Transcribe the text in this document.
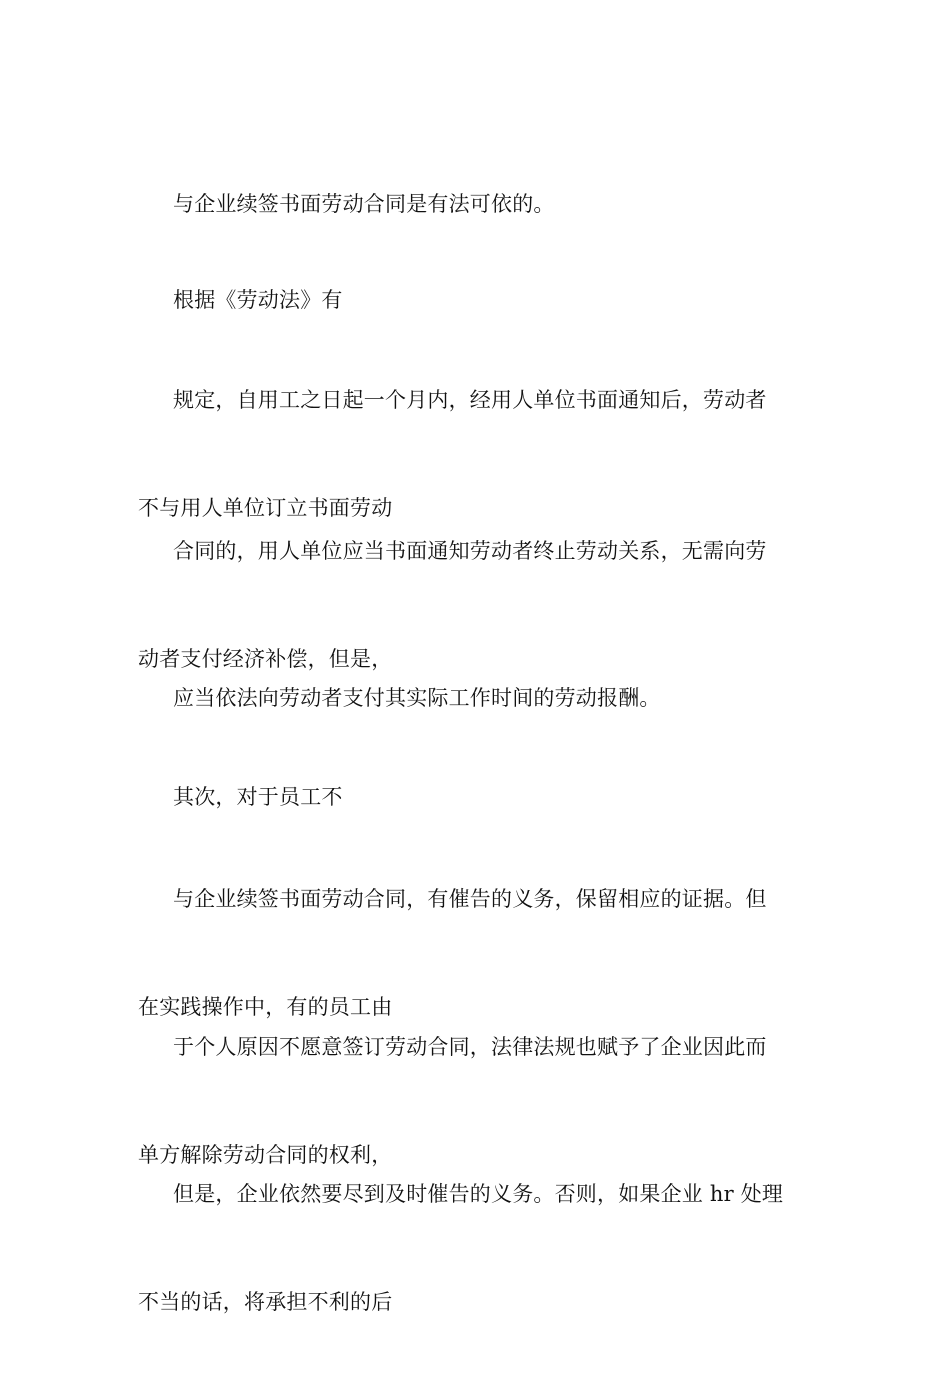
与企业续签书面劳动合同是有法可依的。

根据《劳动法》有

规定，自用工之日起一个月内，经用人单位书面通知后，劳动者

不与用人单位订立书面劳动

合同的，用人单位应当书面通知劳动者终止劳动关系，无需向劳

动者支付经济补偿，但是，

应当依法向劳动者支付其实际工作时间的劳动报酬。

其次，对于员工不

与企业续签书面劳动合同，有催告的义务，保留相应的证据。但

在实践操作中，有的员工由

于个人原因不愿意签订劳动合同，法律法规也赋予了企业因此而

单方解除劳动合同的权利，

但是，企业依然要尽到及时催告的义务。否则，如果企业 hr 处理

不当的话，将承担不利的后
